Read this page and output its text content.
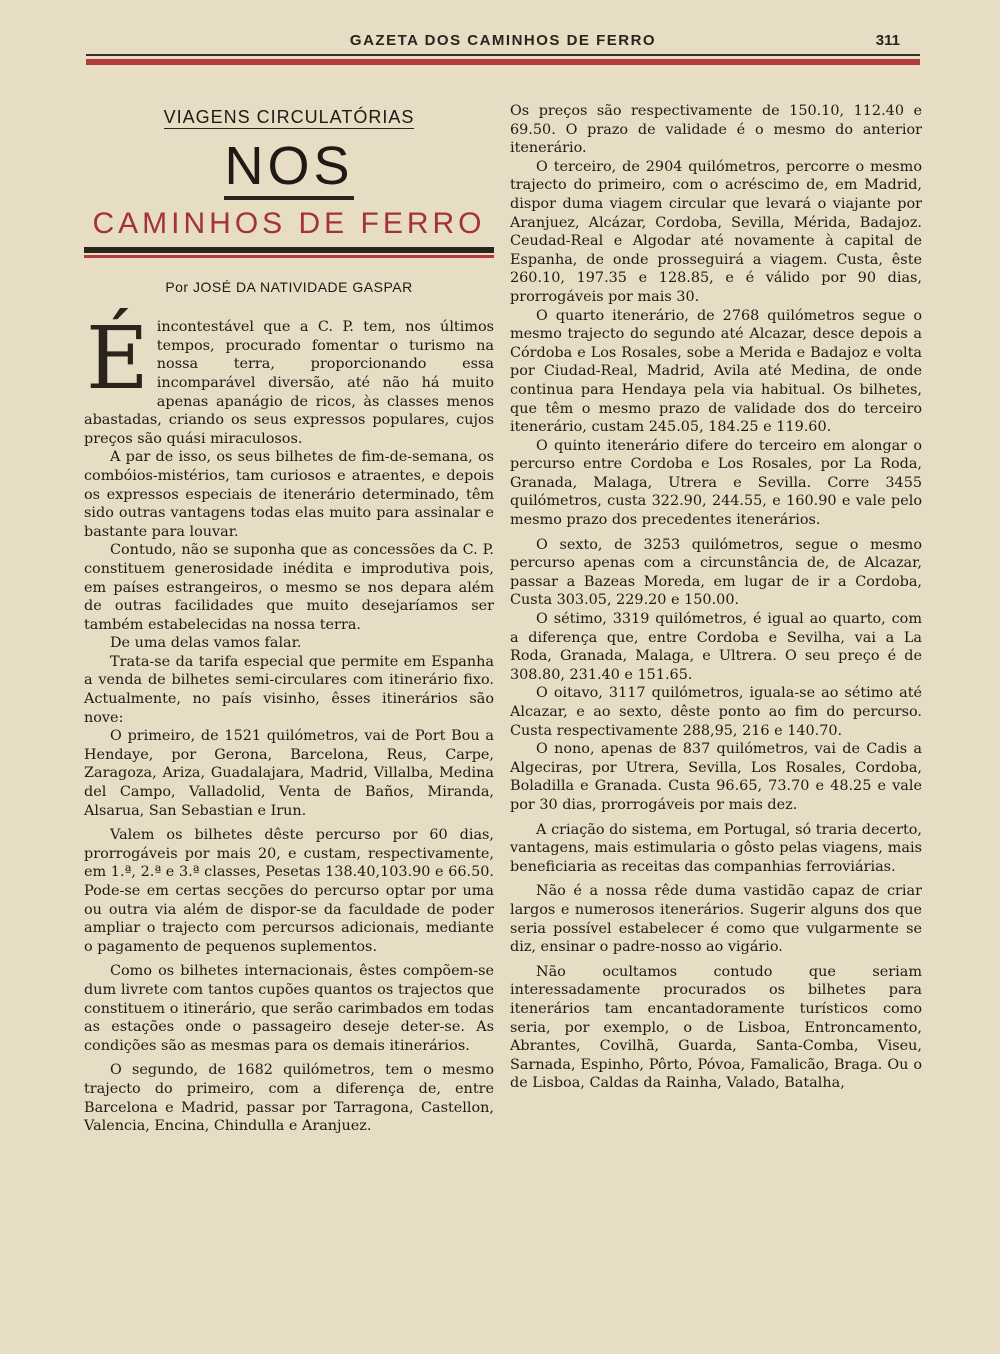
GAZETA DOS CAMINHOS DE FERRO	311
VIAGENS CIRCULATÓRIAS
NOS
CAMINHOS DE FERRO
Por JOSÉ DA NATIVIDADE GASPAR

Éincontestável que a C. P. tem, nos últimos tempos, procurado fomentar o turismo na nossa terra, proporcionando essa incomparável diversão, até não há muito apenas apanágio de ricos, às classes menos abastadas, criando os seus expressos populares, cujos preços são quási miraculosos.

A par de isso, os seus bilhetes de fim-de-semana, os combóios-mistérios, tam curiosos e atraentes, e depois os expressos especiais de itenerário determinado, têm sido outras vantagens todas elas muito para assinalar e bastante para louvar.

Contudo, não se suponha que as concessões da C. P. constituem generosidade inédita e improdutiva pois, em países estrangeiros, o mesmo se nos depara além de outras facilidades que muito desejaríamos ser também estabelecidas na nossa terra.

De uma delas vamos falar.

Trata-se da tarifa especial que permite em Espanha a venda de bilhetes semi-circulares com itinerário fixo. Actualmente, no país visinho, êsses itinerários são nove:

O primeiro, de 1521 quilómetros, vai de Port Bou a Hendaye, por Gerona, Barcelona, Reus, Carpe, Zaragoza, Ariza, Guadalajara, Madrid, Villalba, Medina del Campo, Valladolid, Venta de Baños, Miranda, Alsarua, San Sebastian e Irun.

Valem os bilhetes dêste percurso por 60 dias, prorrogáveis por mais 20, e custam, respectivamente, em 1.ª, 2.ª e 3.ª classes, Pesetas 138.40,103.90 e 66.50. Pode-se em certas secções do percurso optar por uma ou outra via além de dispor-se da faculdade de poder ampliar o trajecto com percursos adicionais, mediante o pagamento de pequenos suplementos.

Como os bilhetes internacionais, êstes compõem-se dum livrete com tantos cupões quantos os trajectos que constituem o itinerário, que serão carimbados em todas as estações onde o passageiro deseje deter-se. As condições são as mesmas para os demais itinerários.

O segundo, de 1682 quilómetros, tem o mesmo trajecto do primeiro, com a diferença de, entre Barcelona e Madrid, passar por Tarragona, Castellon, Valencia, Encina, Chindulla e Aranjuez.

Os preços são respectivamente de 150.10, 112.40 e 69.50. O prazo de validade é o mesmo do anterior itenerário.

O terceiro, de 2904 quilómetros, percorre o mesmo trajecto do primeiro, com o acréscimo de, em Madrid, dispor duma viagem circular que levará o viajante por Aranjuez, Alcázar, Cordoba, Sevilla, Mérida, Badajoz. Ceudad-Real e Algodar até novamente à capital de Espanha, de onde prosseguirá a viagem. Custa, êste 260.10, 197.35 e 128.85, e é válido por 90 dias, prorrogáveis por mais 30.

O quarto itenerário, de 2768 quilómetros segue o mesmo trajecto do segundo até Alcazar, desce depois a Córdoba e Los Rosales, sobe a Merida e Badajoz e volta por Ciudad-Real, Madrid, Avila até Medina, de onde continua para Hendaya pela via habitual. Os bilhetes, que têm o mesmo prazo de validade dos do terceiro itenerário, custam 245.05, 184.25 e 119.60.

O quinto itenerário difere do terceiro em alongar o percurso entre Cordoba e Los Rosales, por La Roda, Granada, Malaga, Utrera e Sevilla. Corre 3455 quilómetros, custa 322.90, 244.55, e 160.90 e vale pelo mesmo prazo dos precedentes itenerários.

O sexto, de 3253 quilómetros, segue o mesmo percurso apenas com a circunstância de, de Alcazar, passar a Bazeas Moreda, em lugar de ir a Cordoba, Custa 303.05, 229.20 e 150.00.

O sétimo, 3319 quilómetros, é igual ao quarto, com a diferença que, entre Cordoba e Sevilha, vai a La Roda, Granada, Malaga, e Ultrera. O seu preço é de 308.80, 231.40 e 151.65.

O oitavo, 3117 quilómetros, iguala-se ao sétimo até Alcazar, e ao sexto, dêste ponto ao fim do percurso. Custa respectivamente 288,95, 216 e 140.70.

O nono, apenas de 837 quilómetros, vai de Cadis a Algeciras, por Utrera, Sevilla, Los Rosales, Cordoba, Boladilla e Granada. Custa 96.65, 73.70 e 48.25 e vale por 30 dias, prorrogáveis por mais dez.

A criação do sistema, em Portugal, só traria decerto, vantagens, mais estimularia o gôsto pelas viagens, mais beneficiaria as receitas das companhias ferroviárias.

Não é a nossa rêde duma vastidão capaz de criar largos e numerosos itenerários. Sugerir alguns dos que seria possível estabelecer é como que vulgarmente se diz, ensinar o padre-nosso ao vigário.

Não ocultamos contudo que seriam interessadamente procurados os bilhetes para itenerários tam encantadoramente turísticos como seria, por exemplo, o de Lisboa, Entroncamento, Abrantes, Covilhã, Guarda, Santa-Comba, Viseu, Sarnada, Espinho, Pôrto, Póvoa, Famalicão, Braga. Ou o de Lisboa, Caldas da Rainha, Valado, Batalha,
